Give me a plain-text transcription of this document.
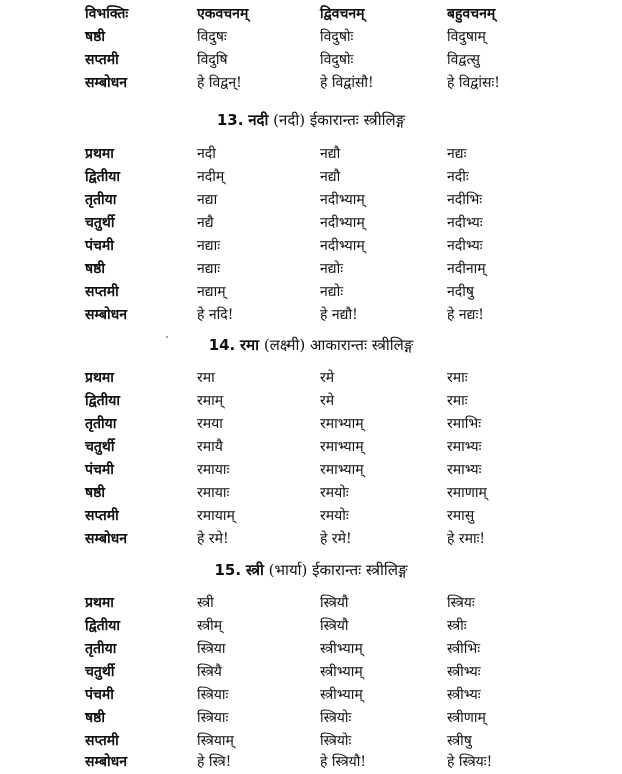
विभक्तिः	एकवचनम्	द्विवचनम्	बहुवचनम्
षष्ठी	विदुषः	विदुषोः	विदुषाम्
सप्तमी	विदुषि	विदुषोः	विद्वत्सु
सम्बोधन	हे विद्वन्!	हे विद्वांसौ!	हे विद्वांसः!
13. नदी (नदी) ईकारान्तः स्त्रीलिङ्ग
प्रथमा	नदी	नद्यौ	नद्यः
द्वितीया	नदीम्	नद्यौ	नदीः
तृतीया	नद्या	नदीभ्याम्	नदीभिः
चतुर्थी	नद्यै	नदीभ्याम्	नदीभ्यः
पंचमी	नद्याः	नदीभ्याम्	नदीभ्यः
षष्ठी	नद्याः	नद्योः	नदीनाम्
सप्तमी	नद्याम्	नद्योः	नदीषु
सम्बोधन	हे नदि!	हे नद्यौ!	हे नद्यः!
14. रमा (लक्ष्मी) आकारान्तः स्त्रीलिङ्ग
प्रथमा	रमा	रमे	रमाः
द्वितीया	रमाम्	रमे	रमाः
तृतीया	रमया	रमाभ्याम्	रमाभिः
चतुर्थी	रमायै	रमाभ्याम्	रमाभ्यः
पंचमी	रमायाः	रमाभ्याम्	रमाभ्यः
षष्ठी	रमायाः	रमयोः	रमाणाम्
सप्तमी	रमायाम्	रमयोः	रमासु
सम्बोधन	हे रमे!	हे रमे!	हे रमाः!
15. स्त्री (भार्या) ईकारान्तः स्त्रीलिङ्ग
प्रथमा	स्त्री	स्त्रियौ	स्त्रियः
द्वितीया	स्त्रीम्	स्त्रियौ	स्त्रीः
तृतीया	स्त्रिया	स्त्रीभ्याम्	स्त्रीभिः
चतुर्थी	स्त्रियै	स्त्रीभ्याम्	स्त्रीभ्यः
पंचमी	स्त्रियाः	स्त्रीभ्याम्	स्त्रीभ्यः
षष्ठी	स्त्रियाः	स्त्रियोः	स्त्रीणाम्
सप्तमी	स्त्रियाम्	स्त्रियोः	स्त्रीषु
सम्बोधन	हे स्त्रि!	हे स्त्रियौ!	हे स्त्रियः!
